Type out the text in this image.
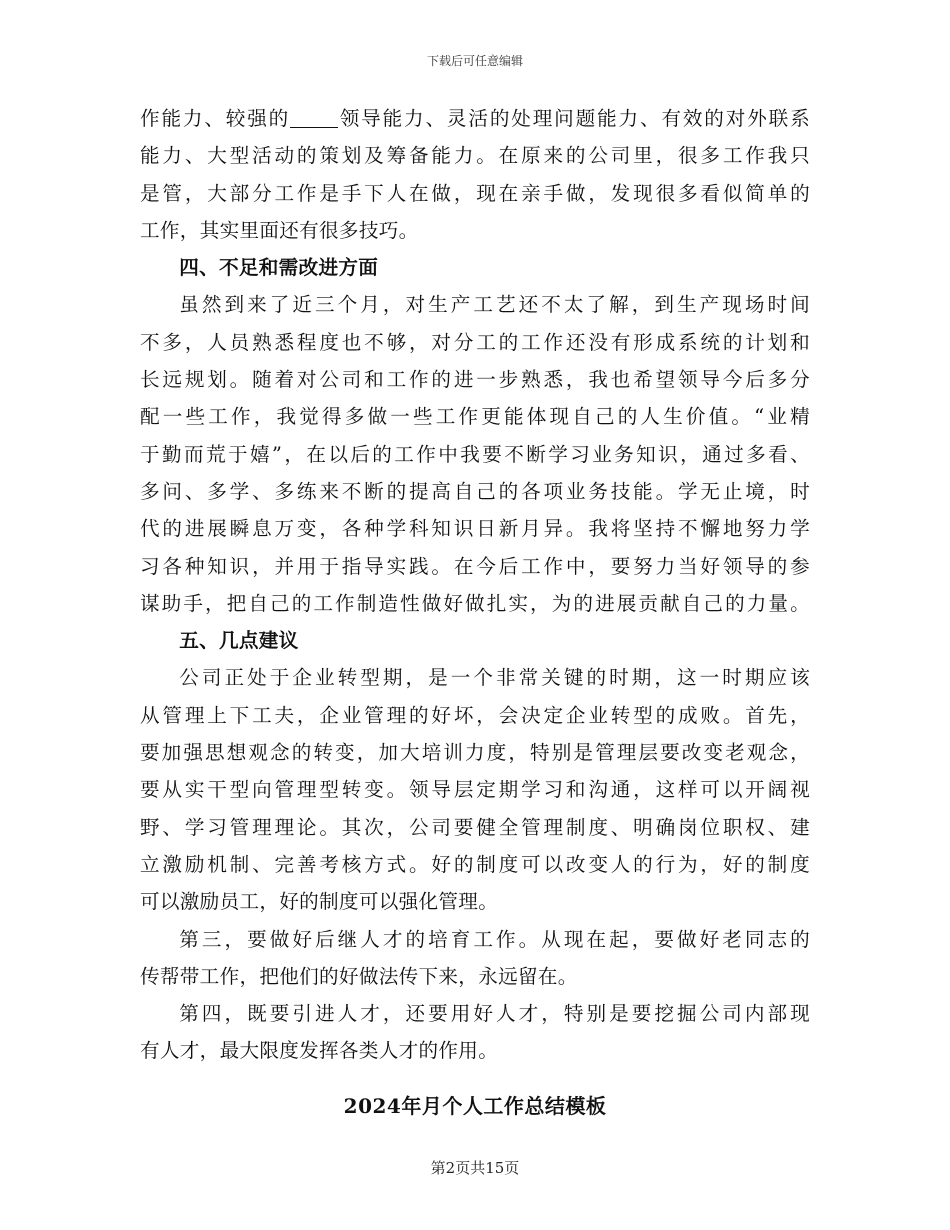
下载后可任意编辑

作能力、较强的 领导能力、灵活的处理问题能力、有效的对外联系

能力、大型活动的策划及筹备能力。在原来的公司里，很多工作我只

是管，大部分工作是手下人在做，现在亲手做，发现很多看似简单的

工作，其实里面还有很多技巧。

四、不足和需改进方面

虽然到来了近三个月，对生产工艺还不太了解，到生产现场时间

不多，人员熟悉程度也不够，对分工的工作还没有形成系统的计划和

长远规划。随着对公司和工作的进一步熟悉，我也希望领导今后多分

配一些工作，我觉得多做一些工作更能体现自己的人生价值。“业精

于勤而荒于嬉”，在以后的工作中我要不断学习业务知识，通过多看、

多问、多学、多练来不断的提高自己的各项业务技能。学无止境，时

代的进展瞬息万变，各种学科知识日新月异。我将坚持不懈地努力学

习各种知识，并用于指导实践。在今后工作中，要努力当好领导的参

谋助手，把自己的工作制造性做好做扎实，为的进展贡献自己的力量。

五、几点建议

公司正处于企业转型期，是一个非常关键的时期，这一时期应该

从管理上下工夫，企业管理的好坏，会决定企业转型的成败。首先，

要加强思想观念的转变，加大培训力度，特别是管理层要改变老观念，

要从实干型向管理型转变。领导层定期学习和沟通，这样可以开阔视

野、学习管理理论。其次，公司要健全管理制度、明确岗位职权、建

立激励机制、完善考核方式。好的制度可以改变人的行为，好的制度

可以激励员工，好的制度可以强化管理。

第三，要做好后继人才的培育工作。从现在起，要做好老同志的

传帮带工作，把他们的好做法传下来，永远留在。

第四，既要引进人才，还要用好人才，特别是要挖掘公司内部现

有人才，最大限度发挥各类人才的作用。

2024年月个人工作总结模板
第2页共15页
